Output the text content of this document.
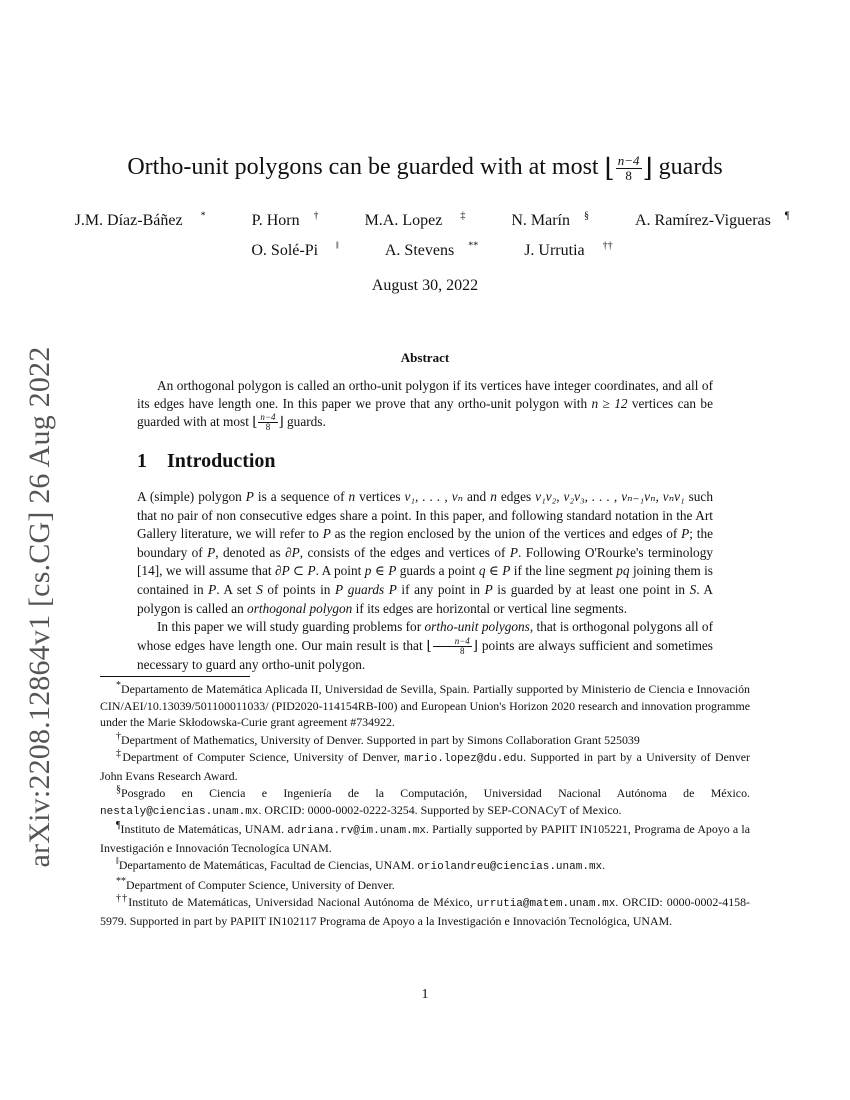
arXiv:2208.12864v1 [cs.CG] 26 Aug 2022
Ortho-unit polygons can be guarded with at most ⌊ $\frac{n-4}{8}$ ⌋ guards
J.M. Díaz-Báñez *	P. Horn †	M.A. Lopez ‡	N. Marín §	A. Ramírez-Vigueras ¶
O. Solé-Pi ‖	A. Stevens **	J. Urrutia ††
August 30, 2022
Abstract
An orthogonal polygon is called an ortho-unit polygon if its vertices have integer coordinates, and all of its edges have length one. In this paper we prove that any ortho-unit polygon with n ≥ 12 vertices can be guarded with at most ⌊ $\frac{n-4}{8}$ ⌋ guards.
1 Introduction

A (simple) polygon P is a sequence of n vertices v₁, . . . , vₙ and n edges v₁v₂, v₂v₃, . . . , vₙ₋₁vₙ, vₙv₁ such that no pair of non consecutive edges share a point. In this paper, and following standard notation in the Art Gallery literature, we will refer to P as the region enclosed by the union of the vertices and edges of P; the boundary of P, denoted as ∂P, consists of the edges and vertices of P. Following O'Rourke's terminology [14], we will assume that ∂P ⊂ P. A point p ∈ P guards a point q ∈ P if the line segment pq joining them is contained in P. A set S of points in P guards P if any point in P is guarded by at least one point in S. A polygon is called an orthogonal polygon if its edges are horizontal or vertical line segments.

In this paper we will study guarding problems for ortho-unit polygons, that is orthogonal polygons all of whose edges have length one. Our main result is that ⌊ $\frac{n-4}{8}$ ⌋ points are always sufficient and sometimes necessary to guard any ortho-unit polygon.

*Departamento de Matemática Aplicada II, Universidad de Sevilla, Spain. Partially supported by Ministerio de Ciencia e Innovación CIN/AEI/10.13039/501100011033/ (PID2020-114154RB-I00) and European Union's Horizon 2020 research and innovation programme under the Marie Skłodowska-Curie grant agreement #734922.

†Department of Mathematics, University of Denver. Supported in part by Simons Collaboration Grant 525039

‡Department of Computer Science, University of Denver, mario.lopez@du.edu. Supported in part by a University of Denver John Evans Research Award.

§Posgrado en Ciencia e Ingeniería de la Computación, Universidad Nacional Autónoma de México. nestaly@ciencias.unam.mx. ORCID: 0000-0002-0222-3254. Supported by SEP-CONACyT of Mexico.

¶Instituto de Matemáticas, UNAM. adriana.rv@im.unam.mx. Partially supported by PAPIIT IN105221, Programa de Apoyo a la Investigación e Innovación Tecnologíca UNAM.

‖Departamento de Matemáticas, Facultad de Ciencias, UNAM. oriolandreu@ciencias.unam.mx.

**Department of Computer Science, University of Denver.

††Instituto de Matemáticas, Universidad Nacional Autónoma de México, urrutia@matem.unam.mx. ORCID: 0000-0002-4158-5979. Supported in part by PAPIIT IN102117 Programa de Apoyo a la Investigación e Innovación Tecnológica, UNAM.

1
